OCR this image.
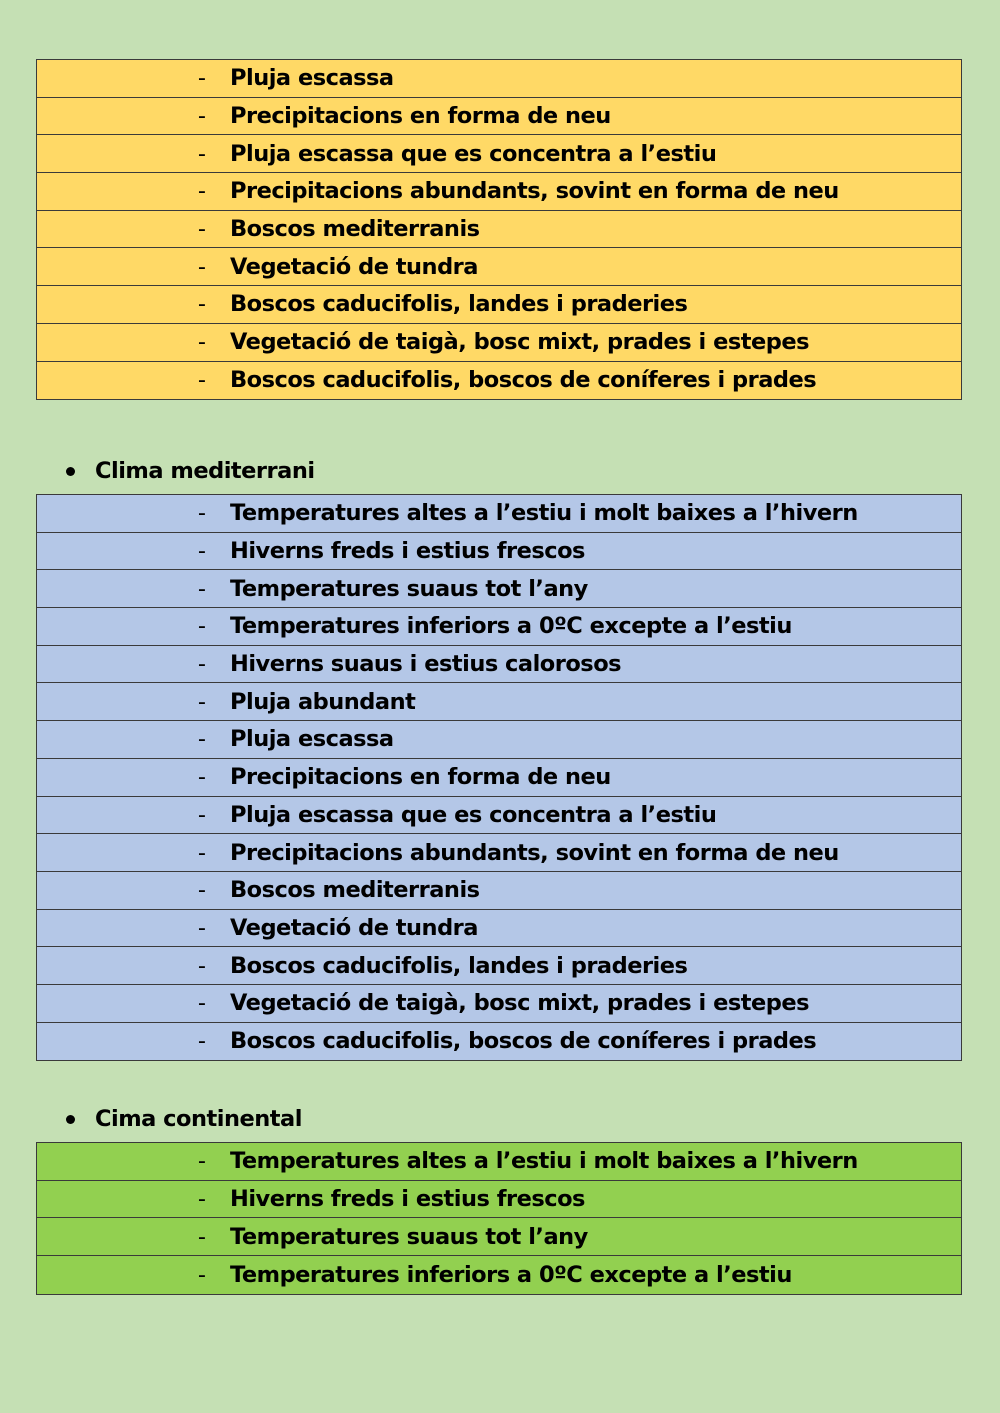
-	Pluja escassa
-	Precipitacions en forma de neu
-	Pluja escassa que es concentra a l’estiu
-	Precipitacions abundants, sovint en forma de neu
-	Boscos mediterranis
-	Vegetació de tundra
-	Boscos caducifolis, landes i praderies
-	Vegetació de taigà, bosc mixt, prades i estepes
-	Boscos caducifolis, boscos de coníferes i prades
Clima mediterrani
-	Temperatures altes a l’estiu i molt baixes a l’hivern
-	Hiverns freds i estius frescos
-	Temperatures suaus tot l’any
-	Temperatures inferiors a 0ºC excepte a l’estiu
-	Hiverns suaus i estius calorosos
-	Pluja abundant
-	Pluja escassa
-	Precipitacions en forma de neu
-	Pluja escassa que es concentra a l’estiu
-	Precipitacions abundants, sovint en forma de neu
-	Boscos mediterranis
-	Vegetació de tundra
-	Boscos caducifolis, landes i praderies
-	Vegetació de taigà, bosc mixt, prades i estepes
-	Boscos caducifolis, boscos de coníferes i prades
Cima continental
-	Temperatures altes a l’estiu i molt baixes a l’hivern
-	Hiverns freds i estius frescos
-	Temperatures suaus tot l’any
-	Temperatures inferiors a 0ºC excepte a l’estiu
